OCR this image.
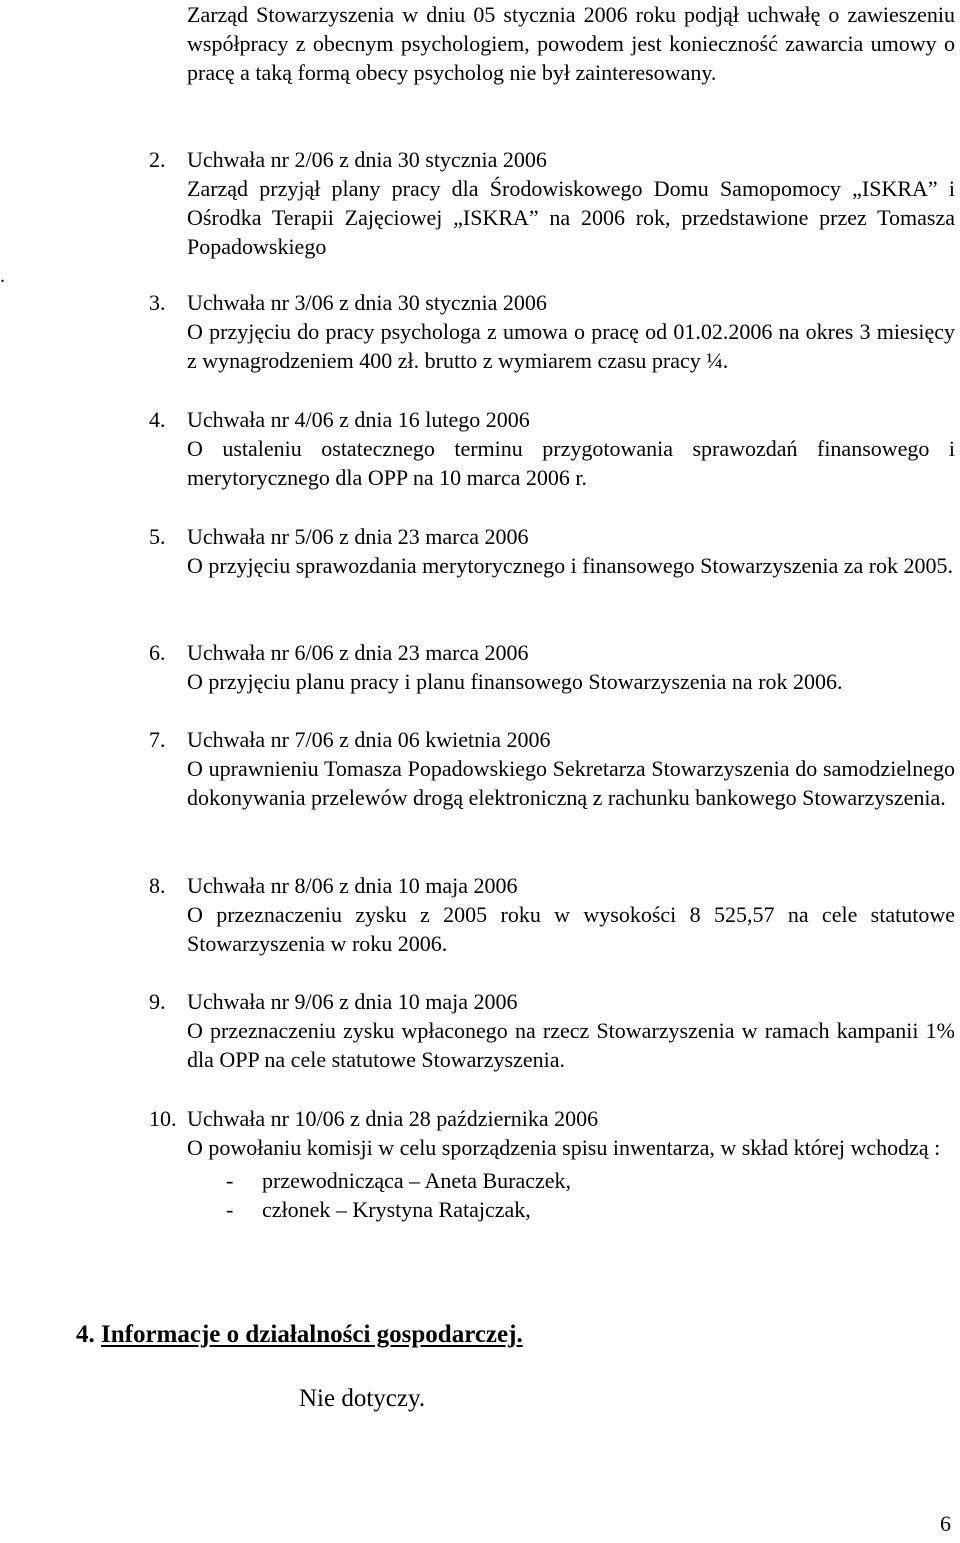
Zarząd Stowarzyszenia w dniu 05 stycznia 2006 roku podjął uchwałę o zawieszeniu współpracy z obecnym psychologiem, powodem jest konieczność zawarcia umowy o pracę a taką formą obecy psycholog nie był zainteresowany.
.
2. Uchwała nr 2/06 z dnia 30 stycznia 2006
Zarząd przyjął plany pracy dla Środowiskowego Domu Samopomocy „ISKRA” i Ośrodka Terapii Zajęciowej „ISKRA” na 2006 rok, przedstawione przez Tomasza Popadowskiego
3. Uchwała nr 3/06 z dnia 30 stycznia 2006
O przyjęciu do pracy psychologa z umowa o pracę od 01.02.2006 na okres 3 miesięcy z wynagrodzeniem 400 zł. brutto z wymiarem czasu pracy ¼.
4. Uchwała nr 4/06 z dnia 16 lutego 2006
O ustaleniu ostatecznego terminu przygotowania sprawozdań finansowego i merytorycznego dla OPP na 10 marca 2006 r.
5. Uchwała nr 5/06 z dnia 23 marca 2006
O przyjęciu sprawozdania merytorycznego i finansowego Stowarzyszenia za rok 2005.
6. Uchwała nr 6/06 z dnia 23 marca 2006
O przyjęciu planu pracy i planu finansowego Stowarzyszenia na rok 2006.
7. Uchwała nr 7/06 z dnia 06 kwietnia 2006
O uprawnieniu Tomasza Popadowskiego Sekretarza Stowarzyszenia do samodzielnego dokonywania przelewów drogą elektroniczną z rachunku bankowego Stowarzyszenia.
8. Uchwała nr 8/06 z dnia 10 maja 2006
O przeznaczeniu zysku z 2005 roku w wysokości 8 525,57 na cele statutowe Stowarzyszenia w roku 2006.
9. Uchwała nr 9/06 z dnia 10 maja 2006
O przeznaczeniu zysku wpłaconego na rzecz Stowarzyszenia w ramach kampanii 1% dla OPP na cele statutowe Stowarzyszenia.
10. Uchwała nr 10/06 z dnia 28 października 2006
O powołaniu komisji w celu sporządzenia spisu inwentarza, w skład której wchodzą :
- przewodnicząca – Aneta Buraczek,
- członek – Krystyna Ratajczak,
4. Informacje o działalności gospodarczej.
Nie dotyczy.
6
